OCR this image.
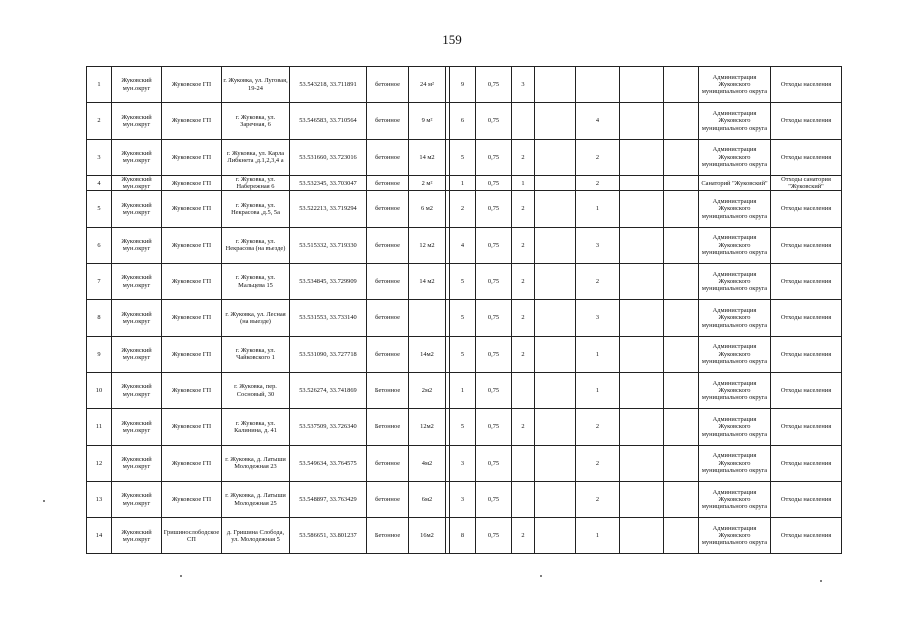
159
1	Жуковский мун.округ	Жуковское ГП	г. Жуковка, ул. Луговая, 19-24	53.543218, 33.711891	бетонное	24 м²		9	0,75	3					Администрация Жуковского муниципального округа	Отходы населения
2	Жуковский мун.округ	Жуковское ГП	г. Жуковка, ул. Заречная, 6	53.546583, 33.710564	бетонное	9 м²		6	0,75			4			Администрация Жуковского муниципального округа	Отходы населения
3	Жуковский мун.округ	Жуковское ГП	г. Жуковка, ул. Карла Либкнета ,д.1,2,3,4 а	53.531660, 33.723016	бетонное	14 м2		5	0,75	2		2			Администрация Жуковского муниципального округа	Отходы населения
4	Жуковский мун.округ	Жуковское ГП	г. Жуковка, ул. Набережная 6	53.532345, 33.703047	бетонное	2 м²		1	0,75	1		2			Санаторий "Жуковский"	Отходы санатория "Жуковский"
5	Жуковский мун.округ	Жуковское ГП	г. Жуковка, ул. Некрасова ,д.5, 5а	53.522213, 33.719294	бетонное	6 м2		2	0,75	2		1			Администрация Жуковского муниципального округа	Отходы населения
6	Жуковский мун.округ	Жуковское ГП	г. Жуковка, ул. Некрасова (на въезде)	53.515332, 33.719330	бетонное	12 м2		4	0,75	2		3			Администрация Жуковского муниципального округа	Отходы населения
7	Жуковский мун.округ	Жуковское ГП	г. Жуковка, ул. Мальцева 15	53.534845, 33.729909	бетонное	14 м2		5	0,75	2		2			Администрация Жуковского муниципального округа	Отходы населения
8	Жуковский мун.округ	Жуковское ГП	г. Жуковка, ул. Лесная (на выезде)	53.531553, 33.733140	бетонное			5	0,75	2		3			Администрация Жуковского муниципального округа	Отходы населения
9	Жуковский мун.округ	Жуковское ГП	г. Жуковка, ул. Чайковского 1	53.531090, 33.727718	бетонное	14м2		5	0,75	2		1			Администрация Жуковского муниципального округа	Отходы населения
10	Жуковский мун.округ	Жуковское ГП	г. Жуковка, пер. Сосновый, 30	53.526274, 33.741869	Бетонное	2м2		1	0,75			1			Администрация Жуковского муниципального округа	Отходы населения
11	Жуковский мун.округ	Жуковское ГП	г. Жуковка, ул. Калинина, д. 41	53.537509, 33.726340	Бетонное	12м2		5	0,75	2		2			Администрация Жуковского муниципального округа	Отходы населения
12	Жуковский мун.округ	Жуковское ГП	г. Жуковка, д. Латыши Молодежная 23	53.549634, 33.764575	бетонное	4м2		3	0,75			2			Администрация Жуковского муниципального округа	Отходы населения
13	Жуковский мун.округ	Жуковское ГП	г. Жуковка, д. Латыши Молодежная 25	53.548897, 33.763429	бетонное	6м2		3	0,75			2			Администрация Жуковского муниципального округа	Отходы населения
14	Жуковский мун.округ	Гришинослободское СП	д. Гришина Слобода, ул. Молодежная 5	53.586651, 33.801237	Бетонное	16м2		8	0,75	2		1			Администрация Жуковского муниципального округа	Отходы населения
